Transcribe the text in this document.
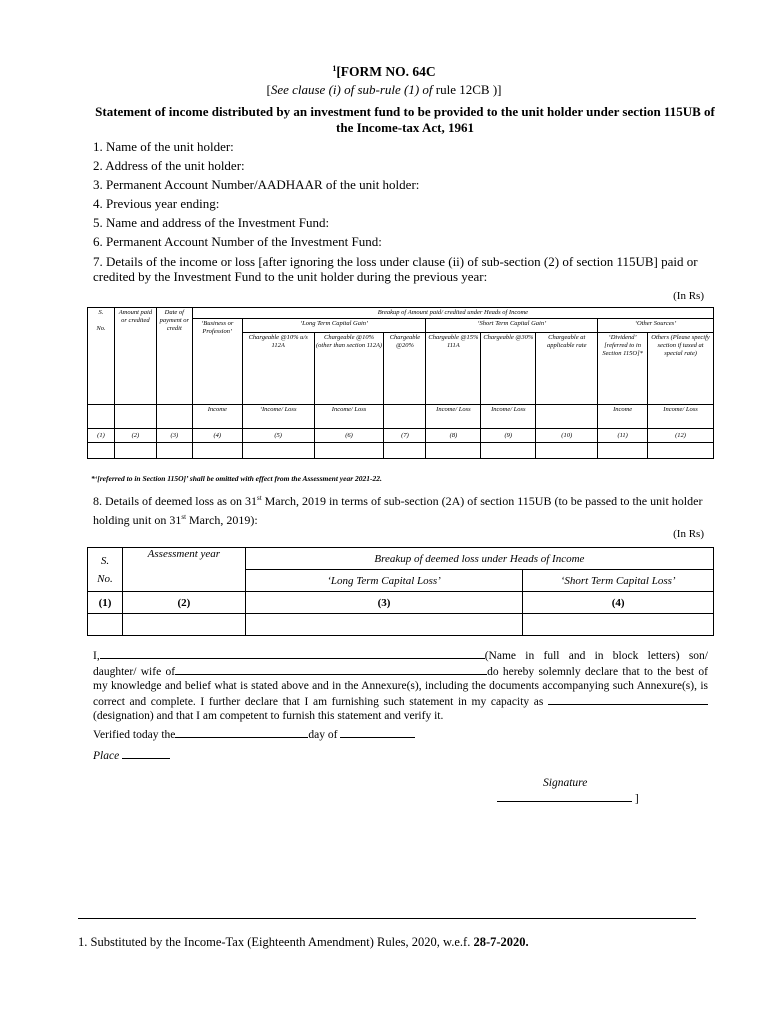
$^1$[FORM NO. 64C
[See clause (i) of sub-rule (1) of rule 12CB )]
Statement of income distributed by an investment fund to be provided to the unit holder under section 115UB of the Income-tax Act, 1961
1. Name of the unit holder:
2. Address of the unit holder:
3. Permanent Account Number/AADHAAR of the unit holder:
4. Previous year ending:
5. Name and address of the Investment Fund:
6. Permanent Account Number of the Investment Fund:
7. Details of the income or loss [after ignoring the loss under clause (ii) of sub-section (2) of section 115UB] paid or credited by the Investment Fund to the unit holder during the previous year:
(In Rs)
S.
No.	Amount paid or credited	Date of payment or credit	Breakup of Amount paid/ credited under Heads of Income								
			‘Business or Profession’	‘Long Term Capital Gain’			‘Short Term Capital Gain’			‘Other Sources’	
				Chargeable @10% u/s 112A	Chargeable @10% (other than section 112A)	Chargeable @20%	Chargeable @15% 111A	Chargeable @30%	Chargeable at applicable rate	‘Dividend’ [referred to in Section 115O]*	Others (Please specify section if taxed at special rate)
			Income	‘Income/ Loss	Income/ Loss		Income/ Loss	Income/ Loss		Income	Income/ Loss
(1)	(2)	(3)	(4)	(5)	(6)	(7)	(8)	(9)	(10)	(11)	(12)

*‘[referred to in Section 115O]’ shall be omitted with effect from the Assessment year 2021-22.
8. Details of deemed loss as on 31st March, 2019 in terms of sub-section (2A) of section 115UB (to be passed to the unit holder holding unit on 31st March, 2019):
(In Rs)
S.
No.	Assessment year	Breakup of deemed loss under Heads of Income	
		‘Long Term Capital Loss’	‘Short Term Capital Loss’
(1)	(2)	(3)	(4)

I,	(Name in full and in block letters) son/ daughter/ wife of	do hereby solemnly declare that to the best of my knowledge and belief what is stated above and in the Annexure(s), including the documents accompanying such Annexure(s), is correct and complete. I further declare that I am furnishing such statement in my capacity as (designation) and that I am competent to furnish this statement and verify it.
Verified today the	day of
Place
Signature
]
1. Substituted by the Income-Tax (Eighteenth Amendment) Rules, 2020, w.e.f. 28-7-2020.
